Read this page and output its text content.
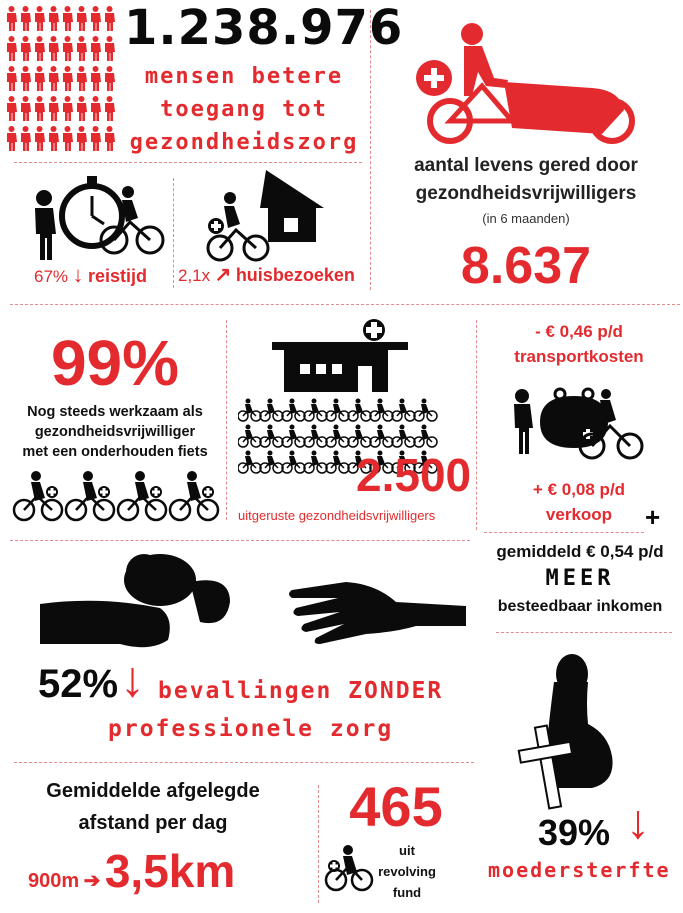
1.238.976
mensen betere
toegang tot
gezondheidszorg
aantal levens gered door
gezondheidsvrijwilligers
(in 6 maanden)
8.637
67% ↓ reistijd 2,1x ↗ huisbezoeken
99%
Nog steeds werkzaam als
gezondheidsvrijwilliger
met een onderhouden fiets	2.500
uitgeruste gezondheidsvrijwilligers
- € 0,46 p/d
transportkosten
+ € 0,08 p/d
verkoop	+
gemiddeld € 0,54 p/d
MEER
besteedbaar inkomen
52% ↓ bevallingen ZONDER
professionele zorg
39% ↓
moedersterfte
Gemiddelde afgelegde
afstand per dag
900m ➔ 3,5km
465
uit
revolving
fund
